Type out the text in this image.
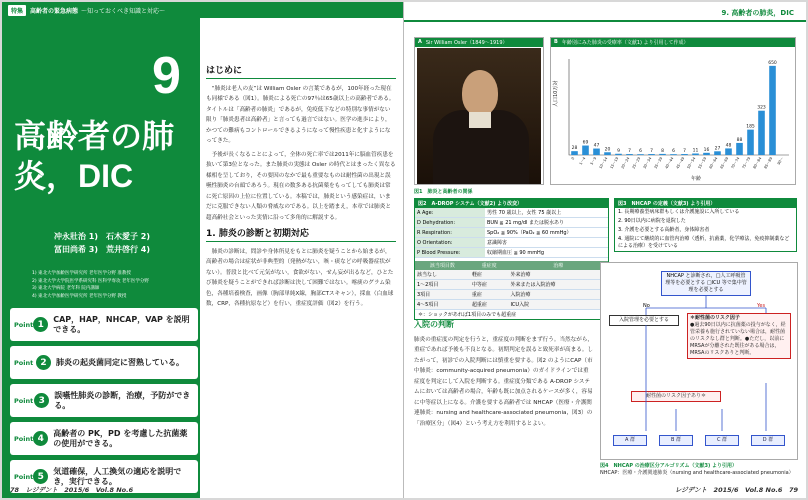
特集	高齢者の緊急病態 〜知っておくべき知識と対応〜
9
高齢者の肺炎，DIC
冲永壯治 1)　石木愛子 2)
冨田尚希 3)　荒井啓行 4)
1) 東北大学加齢医学研究所 老年医学分野 准教授
2) 東北大学大学院医学系研究科 医科学専攻 老年医学分野
3) 東北大学病院 老年科 院内講師
4) 東北大学加齢医学研究所 老年医学分野 教授
Point 1
CAP，HAP，NHCAP，VAP を説明できる。
Point 2	肺炎の起炎菌同定に習熟している。
Point 3
誤嚥性肺炎の診断，治療，予防ができる。
Point 4
高齢者の PK，PD を考慮した抗菌薬の使用ができる。
Point 5
気道確保，人工換気の適応を説明でき，実行できる。
はじめに

“肺炎は老人の友”は William Osler の言葉であるが，100年経った現在も同様である（図1）。肺炎による死亡の97％は65歳以上の高齢者である。タイトルは「高齢者の肺炎」であるが，免疫低下などの特別な事情がない限り「肺炎患者は高齢者」と言っても過言ではない。医学の進歩により，かつての難病もコントロールできるようになって慢性疾患と化すようになってきた。

予後が長くなることによって，全体の死亡率では2011年に脳血管疾患を抜いて第3位となった。また肺炎の実態は Osler の時代とはまったく異なる様相を呈しており，その要因のなかで最も重要なものは耐性菌の出現と誤嚥性肺炎の台頭であろう。現在の数多ある抗菌薬をもってしても肺炎は常に死亡原因の上位に位置している。本稿では，肺炎という感染症は，いまだに克服できない人類の脅威なのである。以上を踏まえ，本章では肺炎と超高齢社会といった実情に沿って多角的に解説する。

1. 肺炎の診断と初期対応

肺炎の診断は，問診や身体所見をもとに肺炎を疑うことから始まるが，高齢者の場合は症状が非典型的（発熱がない，咳・痰などの呼吸器症状がない）。普段と比べて元気がない，食欲がない，せん妄が出るなど，ひとたび肺炎を疑うことができれば診断は決して困難ではない。喀痰のグラム染色，各種培養検査，画像（胸部単純X線，胸部CTスキャン），採血（白血球数，CRP，各種抗原など）を行い，重症度評価（図2）を行う。

78　レジデント　2015/6　Vol.8 No.6
9. 高齢者の肺炎，DIC
A Sir William Osler（1849〜1919）	B 年齢別にみた肺炎の受療率（文献1) より引用して作成）
人口10万対
年齢
28
0
69
1〜4
47
5〜9
20
10〜14
9
15〜19
7
20〜24
6
25〜29
7
30〜34
8
35〜39
6
40〜44
7
45〜49
11
50〜54
16
55〜59
27
60〜64
48
65〜69
88
70〜74
185
75〜79
323
80〜84
650
85〜89 90〜
図1　肺炎と高齢者の関係
図2　 A-DROP システム（文献2) より改変）
A Age:	男性 70 歳以上，女性 75 歳以上
D Dehydration:	BUN ≧ 21 mg/dl または脱水あり
R Respiration:	SpO₂ ≦ 90%（PaO₂ ≦ 60 mmHg）
O Orientation:	意識障害
P Blood Pressure:	収縮期血圧 ≦ 90 mmHg
該当項目数	重症度	治療
該当なし	軽症	外来治療
1〜2項目	中等症	外来または入院治療
3項目	重症	入院治療
4〜5項目	超重症	ICU入院
＊：ショックがあれば1項目のみでも超重症
図3　 NHCAP の定義（文献3) より引用）
1. 長期療養型病床群もしくは介護施設に入所している
2. 90日以内に病院を退院した
3. 介護を必要とする高齢者，身体障害者
4. 通院にて継続的に血管内治療（透析，抗菌薬，化学療法，免疫抑制薬などによる治療）を受けている
入院の判断

肺炎の重症度の判定を行うと，重症度の判断をまず行う。当然ながら，重症であれば予後も不良となる。初期判定を誤ると致死率が高まる。したがって，初診での入院判断には慎重を要する。図2 のようにCAP（市中肺炎：community-acquired pneumonia）のガイドラインでは重症度を判定にして入院を判断する。重症度分類である A-DROP システムにおいては高齢者の場合，年齢も既に加点されるケースが多く，容易に中等症以上になる。介護を要する高齢者では NHCAP（医療・介護関連肺炎：nursing and healthcare-associated pneumonia，図3）の「治療区分」（図4）という考え方を利用するとよい。

NHCAP と診断され，□人工呼吸管理等を必要とする □ICU 等で集中管理を必要とする
No	Yes
入院管理を必要とする	＊耐性菌のリスク因子
●過去90日以内に抗菌薬の投与がなく，経管栄養も施行されていない場合は，耐性菌のリスクなし群と判断。●ただし，以前にMRSAが分離された既往がある場合は，MRSAのリスクありと判断。
耐性菌のリスク因子あり＊
A 群	B 群	C 群	D 群
図4　NHCAP の治療区分アルゴリズム（文献3) より引用）
NHCAP：医療・介護関連肺炎（nursing and healthcare-associated pneumonia）
レジデント　2015/6　Vol.8 No.6　79
